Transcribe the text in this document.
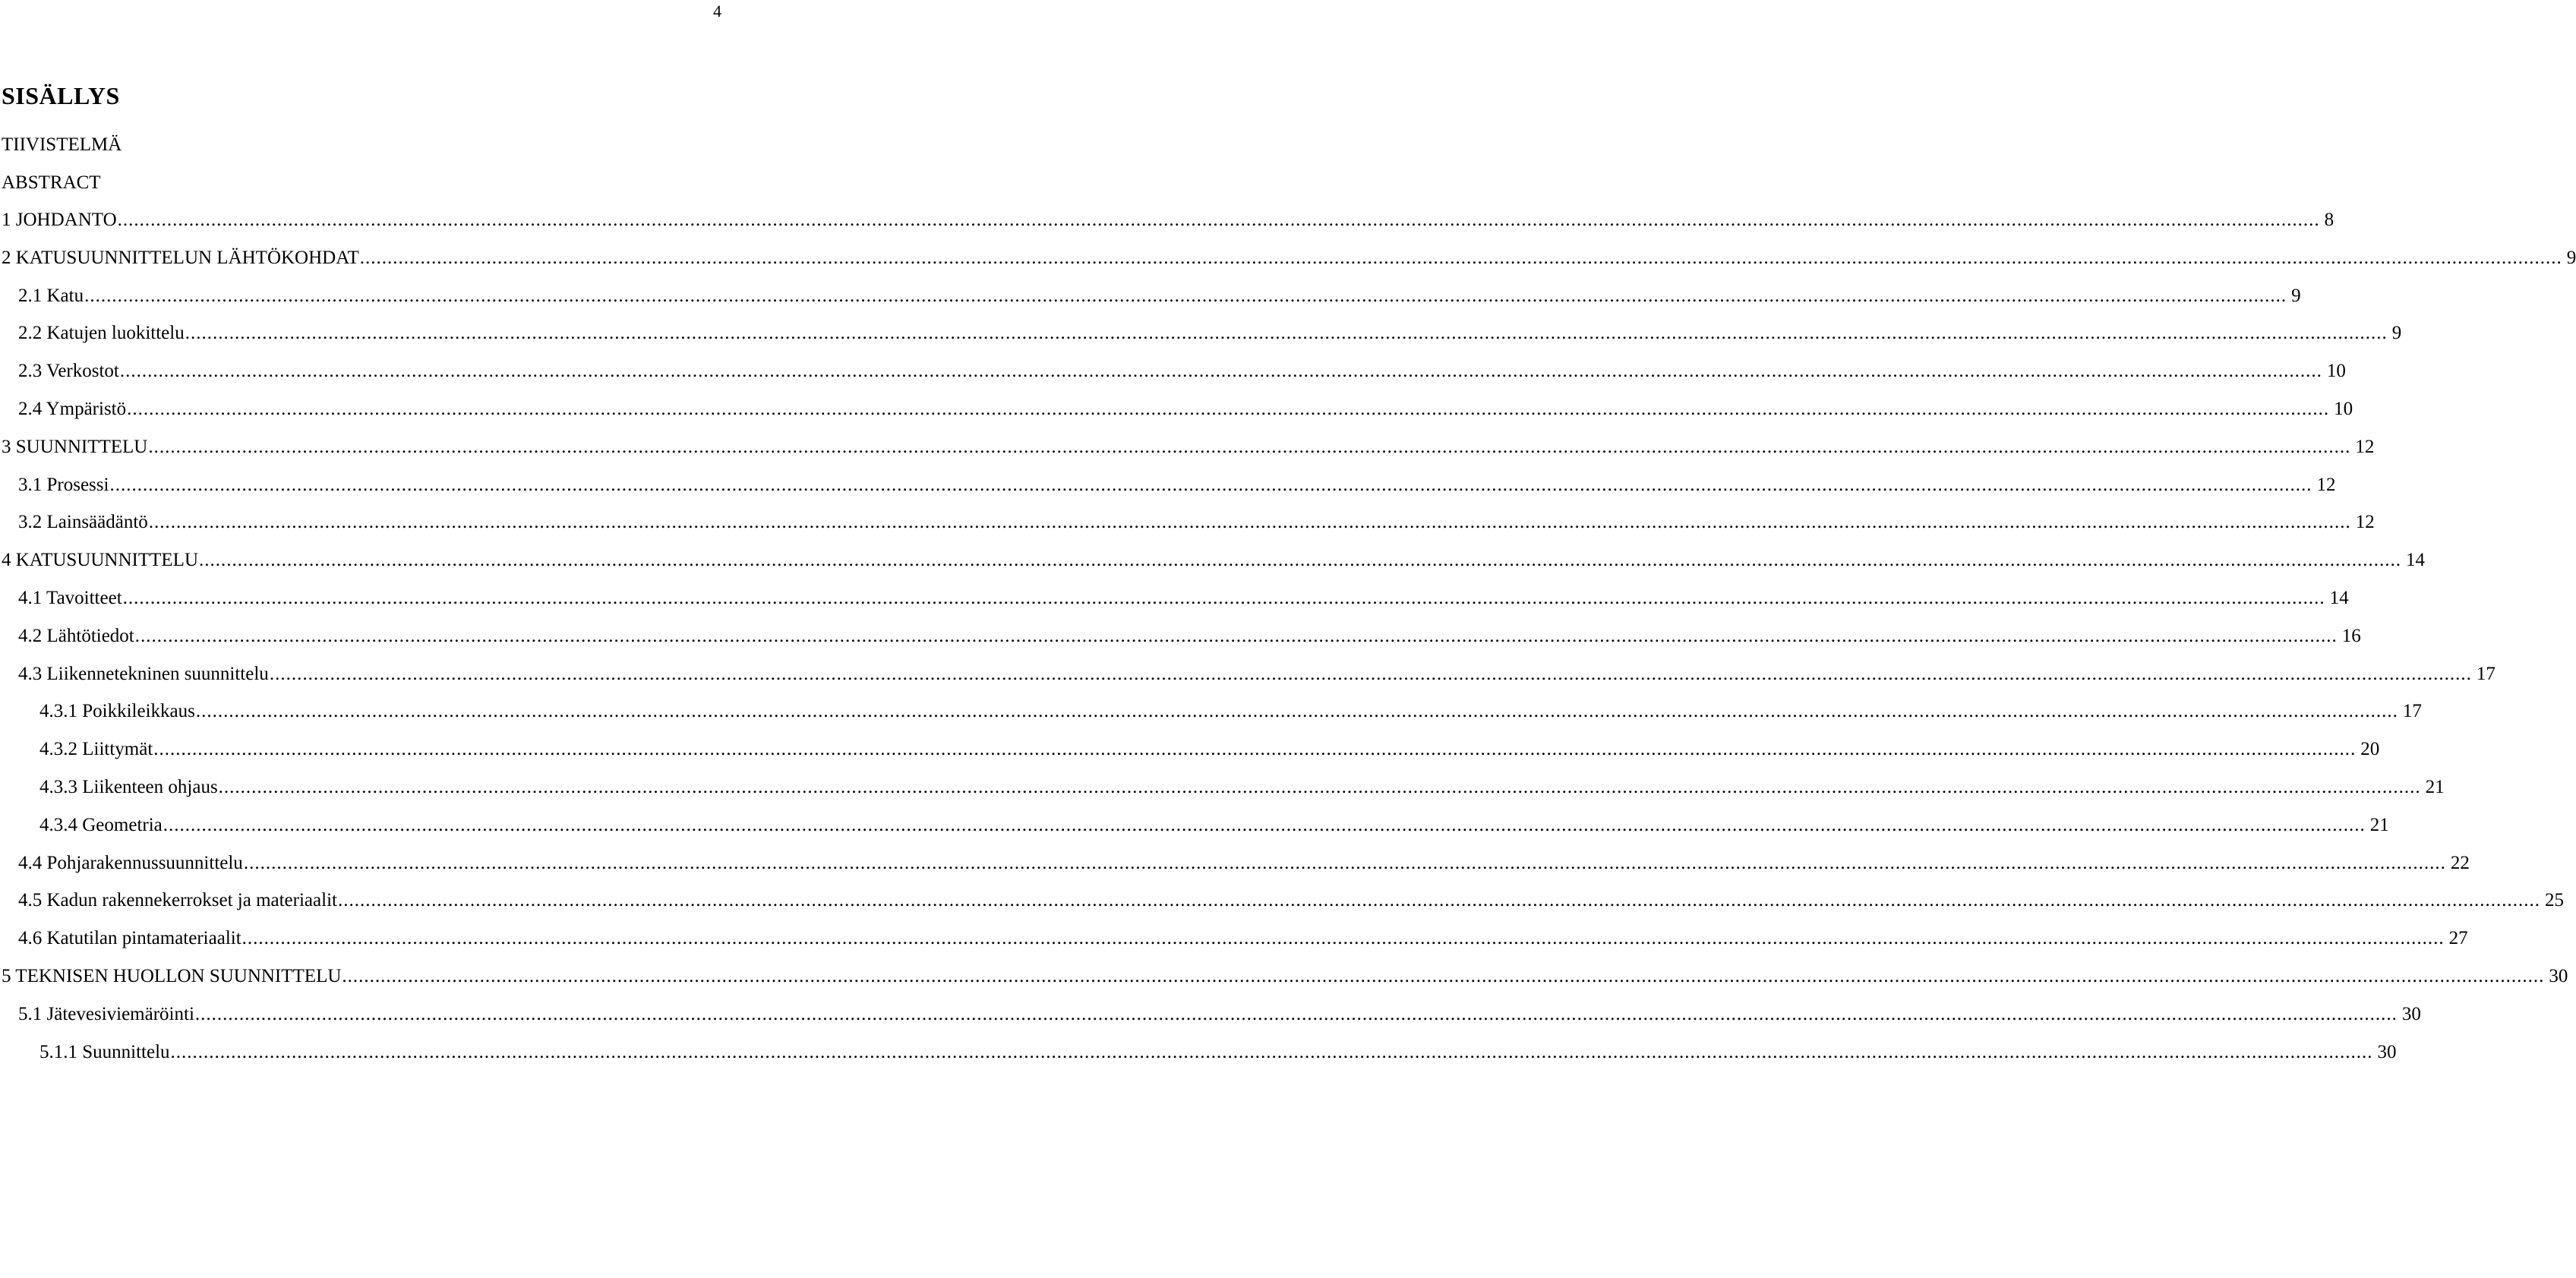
4
SISÄLLYS
TIIVISTELMÄ
ABSTRACT
1 JOHDANTO ................................................................................................................................................................................................................................................................................................................................................................................................................ 8
2 KATUSUUNNITTELUN LÄHTÖKOHDAT ................................................................................................................................................................................................................................................................................................................................................................................................................ 9
2.1 Katu ................................................................................................................................................................................................................................................................................................................................................................................................................ 9
2.2 Katujen luokittelu ................................................................................................................................................................................................................................................................................................................................................................................................................ 9
2.3 Verkostot ................................................................................................................................................................................................................................................................................................................................................................................................................ 10
2.4 Ympäristö ................................................................................................................................................................................................................................................................................................................................................................................................................ 10
3 SUUNNITTELU ................................................................................................................................................................................................................................................................................................................................................................................................................ 12
3.1 Prosessi ................................................................................................................................................................................................................................................................................................................................................................................................................ 12
3.2 Lainsäädäntö ................................................................................................................................................................................................................................................................................................................................................................................................................ 12
4 KATUSUUNNITTELU ................................................................................................................................................................................................................................................................................................................................................................................................................ 14
4.1 Tavoitteet ................................................................................................................................................................................................................................................................................................................................................................................................................ 14
4.2 Lähtötiedot ................................................................................................................................................................................................................................................................................................................................................................................................................ 16
4.3 Liikennetekninen suunnittelu ................................................................................................................................................................................................................................................................................................................................................................................................................ 17
4.3.1 Poikkileikkaus ................................................................................................................................................................................................................................................................................................................................................................................................................ 17
4.3.2 Liittymät ................................................................................................................................................................................................................................................................................................................................................................................................................ 20
4.3.3 Liikenteen ohjaus ................................................................................................................................................................................................................................................................................................................................................................................................................ 21
4.3.4 Geometria ................................................................................................................................................................................................................................................................................................................................................................................................................ 21
4.4 Pohjarakennussuunnittelu ................................................................................................................................................................................................................................................................................................................................................................................................................ 22
4.5 Kadun rakennekerrokset ja materiaalit ................................................................................................................................................................................................................................................................................................................................................................................................................ 25
4.6 Katutilan pintamateriaalit ................................................................................................................................................................................................................................................................................................................................................................................................................ 27
5 TEKNISEN HUOLLON SUUNNITTELU ................................................................................................................................................................................................................................................................................................................................................................................................................ 30
5.1 Jätevesiviemäröinti ................................................................................................................................................................................................................................................................................................................................................................................................................ 30
5.1.1 Suunnittelu ................................................................................................................................................................................................................................................................................................................................................................................................................ 30
